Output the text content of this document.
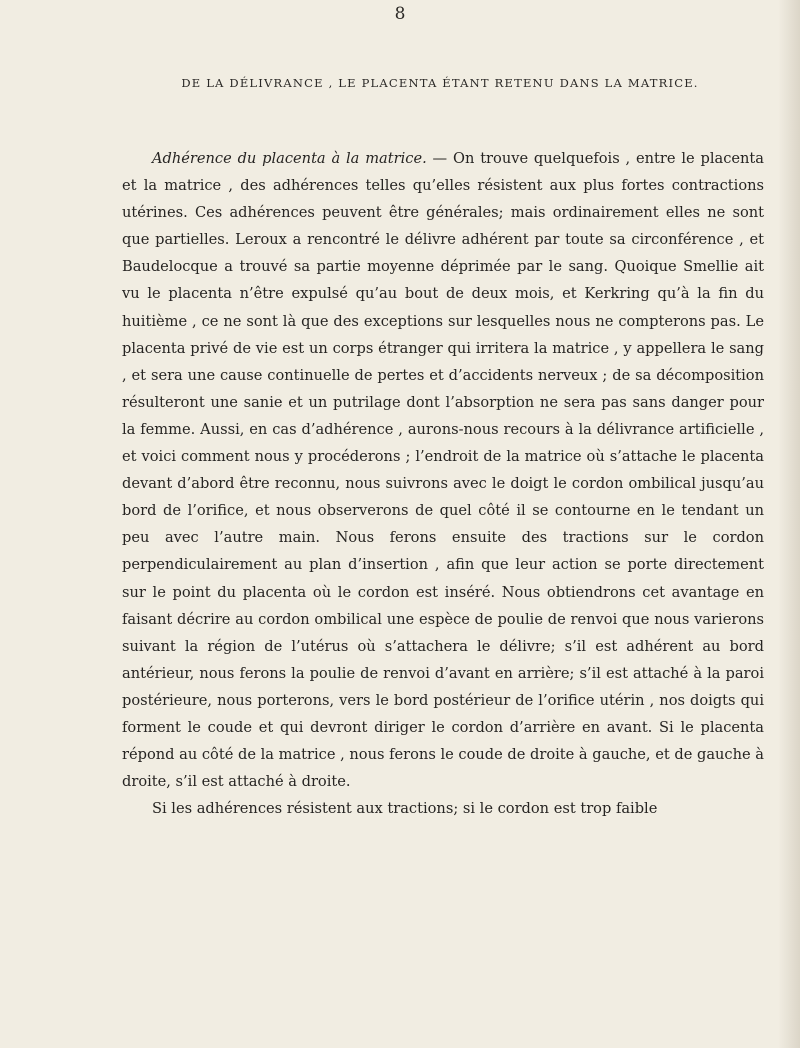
8
DE LA DÉLIVRANCE , LE PLACENTA ÉTANT RETENU DANS LA MATRICE.

Adhérence du placenta à la matrice. — On trouve quelquefois , entre le placenta et la matrice , des adhérences telles qu’elles résistent aux plus fortes contractions utérines. Ces adhérences peuvent être générales; mais ordinairement elles ne sont que partielles. Leroux a rencontré le délivre adhérent par toute sa circonférence , et Baudelocque a trouvé sa partie moyenne déprimée par le sang. Quoique Smellie ait vu le placenta n’être expulsé qu’au bout de deux mois, et Kerkring qu’à la fin du huitième , ce ne sont là que des exceptions sur lesquelles nous ne compterons pas. Le placenta privé de vie est un corps étranger qui irritera la matrice , y appellera le sang , et sera une cause continuelle de pertes et d’accidents nerveux ; de sa décomposition résulteront une sanie et un putrilage dont l’absorption ne sera pas sans danger pour la femme. Aussi, en cas d’adhérence , aurons-nous recours à la délivrance artificielle , et voici comment nous y procéderons ; l’endroit de la matrice où s’attache le placenta devant d’abord être reconnu, nous suivrons avec le doigt le cordon ombilical jusqu’au bord de l’orifice, et nous observerons de quel côté il se contourne en le tendant un peu avec l’autre main. Nous ferons ensuite des tractions sur le cordon perpendiculairement au plan d’insertion , afin que leur action se porte directement sur le point du placenta où le cordon est inséré. Nous obtiendrons cet avantage en faisant décrire au cordon ombilical une espèce de poulie de renvoi que nous varierons suivant la région de l’utérus où s’attachera le délivre; s’il est adhérent au bord antérieur, nous ferons la poulie de renvoi d’avant en arrière; s’il est attaché à la paroi postérieure, nous porterons, vers le bord postérieur de l’orifice utérin , nos doigts qui forment le coude et qui devront diriger le cordon d’arrière en avant. Si le placenta répond au côté de la matrice , nous ferons le coude de droite à gauche, et de gauche à droite, s’il est attaché à droite.

Si les adhérences résistent aux tractions; si le cordon est trop faible
